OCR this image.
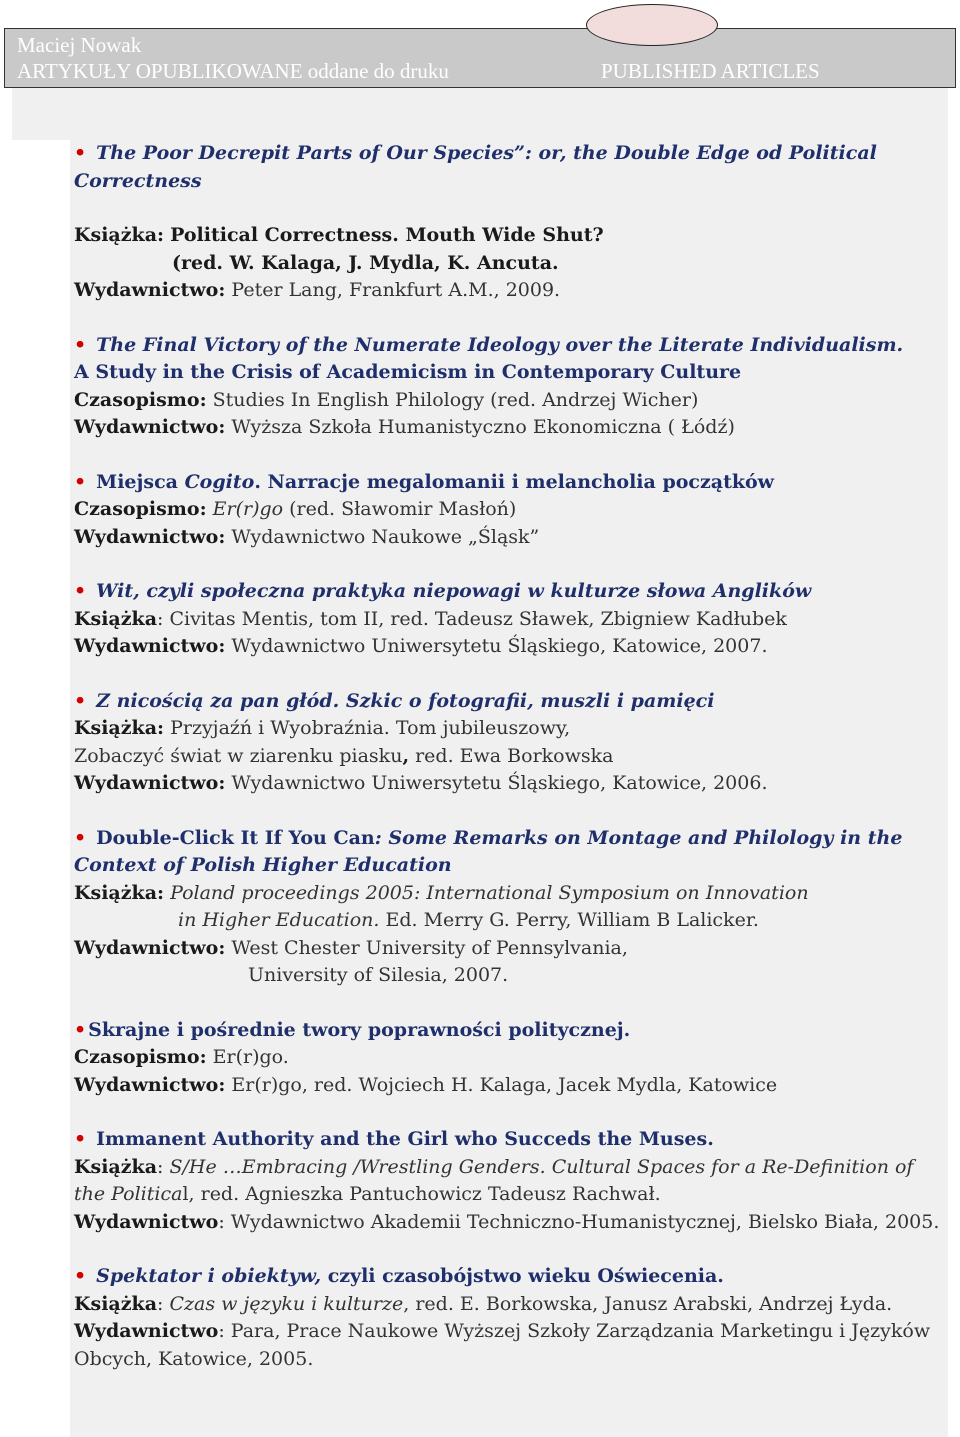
Maciej Nowak
ARTYKUŁY OPUBLIKOWANE oddane do druku	PUBLISHED ARTICLES

• The Poor Decrepit Parts of Our Species”: or, the Double Edge od Political

Correctness

Książka: Political Correctness. Mouth Wide Shut?

(red. W. Kalaga, J. Mydla, K. Ancuta.

Wydawnictwo: Peter Lang, Frankfurt A.M., 2009.

• The Final Victory of the Numerate Ideology over the Literate Individualism.

A Study in the Crisis of Academicism in Contemporary Culture

Czasopismo: Studies In English Philology (red. Andrzej Wicher)

Wydawnictwo: Wyższa Szkoła Humanistyczno Ekonomiczna ( Łódź)

• Miejsca Cogito. Narracje megalomanii i melancholia początków

Czasopismo: Er(r)go (red. Sławomir Masłoń)

Wydawnictwo: Wydawnictwo Naukowe „Śląsk”

• Wit, czyli społeczna praktyka niepowagi w kulturze słowa Anglików

Książka: Civitas Mentis, tom II, red. Tadeusz Sławek, Zbigniew Kadłubek

Wydawnictwo: Wydawnictwo Uniwersytetu Śląskiego, Katowice, 2007.

• Z nicością za pan głód. Szkic o fotografii, muszli i pamięci

Książka: Przyjaźń i Wyobraźnia. Tom jubileuszowy,

Zobaczyć świat w ziarenku piasku, red. Ewa Borkowska

Wydawnictwo: Wydawnictwo Uniwersytetu Śląskiego, Katowice, 2006.

• Double-Click It If You Can: Some Remarks on Montage and Philology in the

Context of Polish Higher Education

Książka: Poland proceedings 2005: International Symposium on Innovation

in Higher Education. Ed. Merry G. Perry, William B Lalicker.

Wydawnictwo: West Chester University of Pennsylvania,

University of Silesia, 2007.

• Skrajne i pośrednie twory poprawności politycznej.

Czasopismo: Er(r)go.

Wydawnictwo: Er(r)go, red. Wojciech H. Kalaga, Jacek Mydla, Katowice

• Immanent Authority and the Girl who Succeds the Muses.

Książka: S/He …Embracing /Wrestling Genders. Cultural Spaces for a Re-Definition of

the Political, red. Agnieszka Pantuchowicz Tadeusz Rachwał.

Wydawnictwo: Wydawnictwo Akademii Techniczno-Humanistycznej, Bielsko Biała, 2005.

• Spektator i obiektyw, czyli czasobójstwo wieku Oświecenia.

Książka: Czas w języku i kulturze, red. E. Borkowska, Janusz Arabski, Andrzej Łyda.

Wydawnictwo: Para, Prace Naukowe Wyższej Szkoły Zarządzania Marketingu i Języków

Obcych, Katowice, 2005.
